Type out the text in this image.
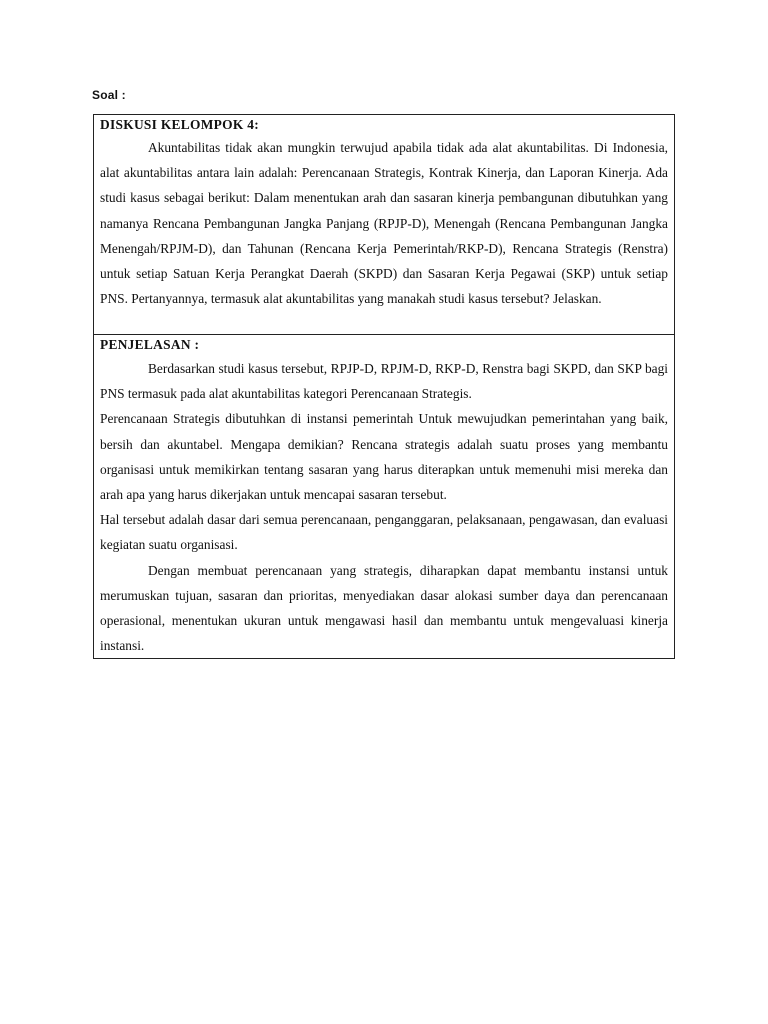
Soal :
DISKUSI KELOMPOK 4:

Akuntabilitas tidak akan mungkin terwujud apabila tidak ada alat akuntabilitas. Di Indonesia, alat akuntabilitas antara lain adalah: Perencanaan Strategis, Kontrak Kinerja, dan Laporan Kinerja. Ada studi kasus sebagai berikut: Dalam menentukan arah dan sasaran kinerja pembangunan dibutuhkan yang namanya Rencana Pembangunan Jangka Panjang (RPJP-D), Menengah (Rencana Pembangunan Jangka Menengah/RPJM-D), dan Tahunan (Rencana Kerja Pemerintah/RKP-D), Rencana Strategis (Renstra) untuk setiap Satuan Kerja Perangkat Daerah (SKPD) dan Sasaran Kerja Pegawai (SKP) untuk setiap PNS. Pertanyannya, termasuk alat akuntabilitas yang manakah studi kasus tersebut? Jelaskan.

PENJELASAN :

Berdasarkan studi kasus tersebut, RPJP-D, RPJM-D, RKP-D, Renstra bagi SKPD, dan SKP bagi PNS termasuk pada alat akuntabilitas kategori Perencanaan Strategis.

Perencanaan Strategis dibutuhkan di instansi pemerintah Untuk mewujudkan pemerintahan yang baik, bersih dan akuntabel. Mengapa demikian? Rencana strategis adalah suatu proses yang membantu organisasi untuk memikirkan tentang sasaran yang harus diterapkan untuk memenuhi misi mereka dan arah apa yang harus dikerjakan untuk mencapai sasaran tersebut.

Hal tersebut adalah dasar dari semua perencanaan, penganggaran, pelaksanaan, pengawasan, dan evaluasi kegiatan suatu organisasi.

Dengan membuat perencanaan yang strategis, diharapkan dapat membantu instansi untuk merumuskan tujuan, sasaran dan prioritas, menyediakan dasar alokasi sumber daya dan perencanaan operasional, menentukan ukuran untuk mengawasi hasil dan membantu untuk mengevaluasi kinerja instansi.
